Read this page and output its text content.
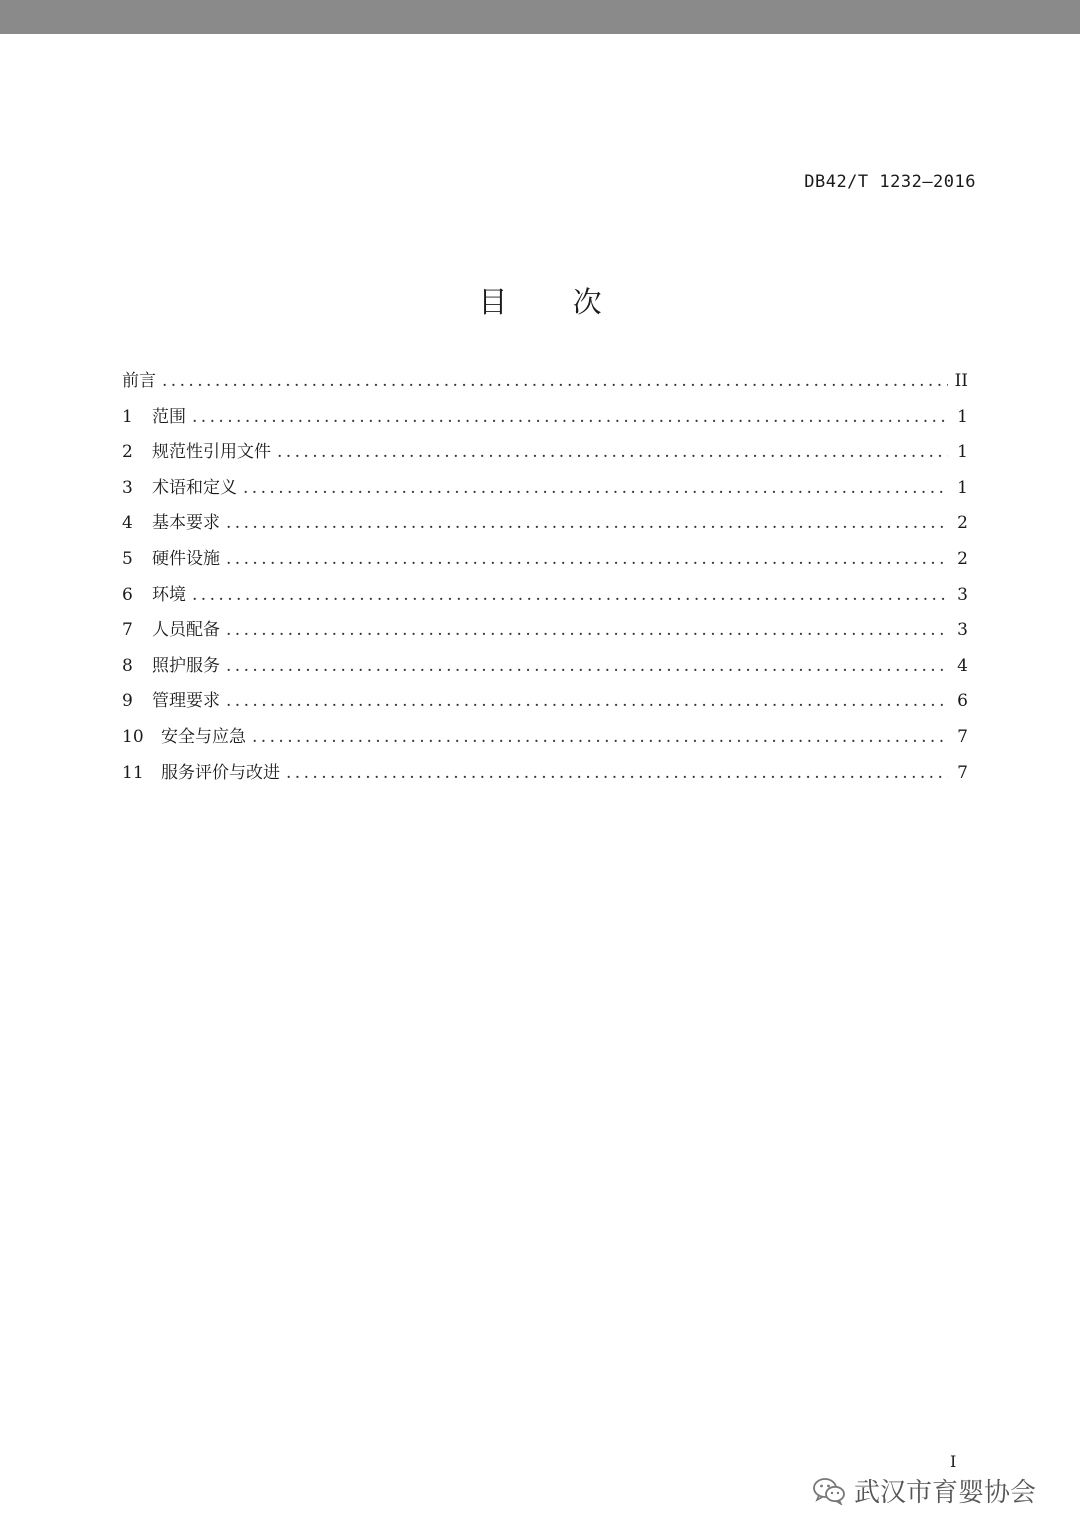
DB42/T 1232—2016
目 次
前言 .....	II
1	范围 .....	1
2	规范性引用文件 .....	1
3	术语和定义 .....	1
4	基本要求 .....	2
5	硬件设施 .....	2
6	环境 .....	3
7	人员配备 .....	3
8	照护服务 .....	4
9	管理要求 .....	6
10	安全与应急 .....	7
11	服务评价与改进 .....	7
I
武汉市育婴协会
